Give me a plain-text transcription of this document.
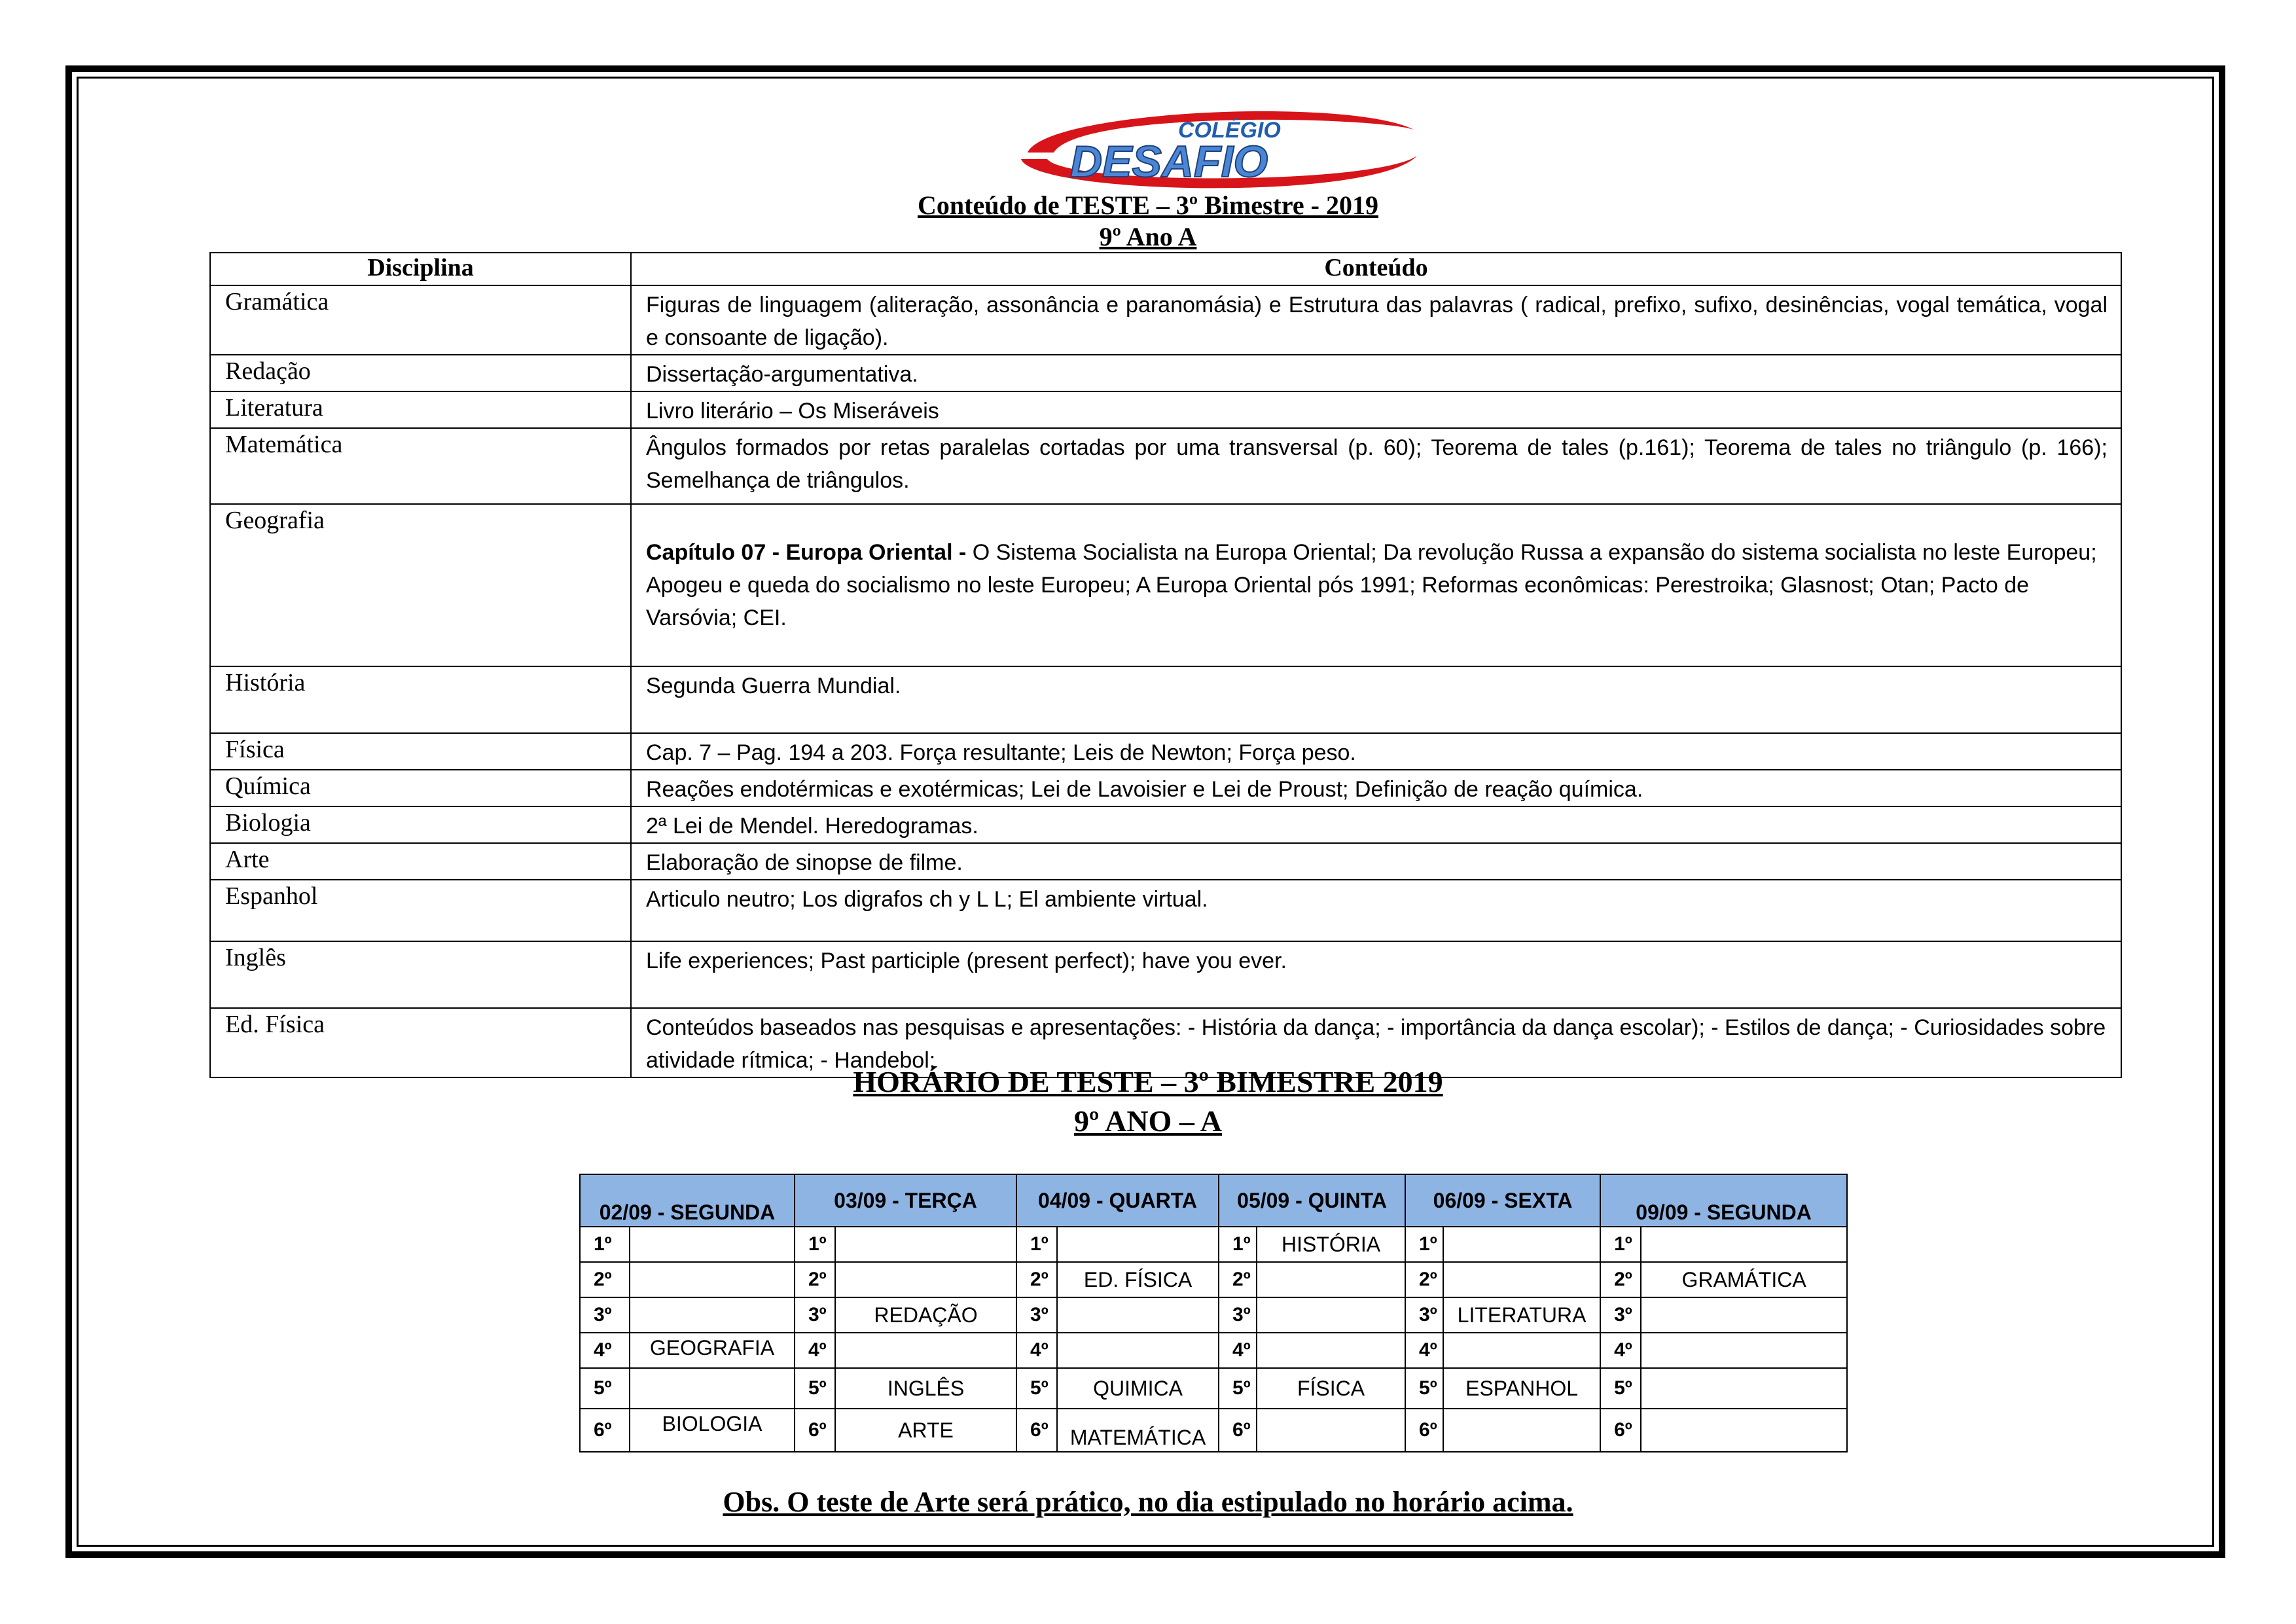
COLÉGIO
DESAFIO
Conteúdo de TESTE – 3º Bimestre - 2019
9º Ano A
Disciplina	Conteúdo
Gramática	Figuras de linguagem (aliteração, assonância e paranomásia) e Estrutura das palavras ( radical, prefixo, sufixo, desinências, vogal temática, vogal e consoante de ligação).
Redação	Dissertação-argumentativa.
Literatura	Livro literário – Os Miseráveis
Matemática	Ângulos formados por retas paralelas cortadas por uma transversal (p. 60); Teorema de tales (p.161); Teorema de tales no triângulo (p. 166); Semelhança de triângulos.
Geografia	Capítulo 07 - Europa Oriental - O Sistema Socialista na Europa Oriental; Da revolução Russa a expansão do sistema socialista no leste Europeu; Apogeu e queda do socialismo no leste Europeu; A Europa Oriental pós 1991; Reformas econômicas: Perestroika; Glasnost; Otan; Pacto de Varsóvia; CEI.
História	Segunda Guerra Mundial.
Física	Cap. 7 – Pag. 194 a 203. Força resultante; Leis de Newton; Força peso.
Química	Reações endotérmicas e exotérmicas; Lei de Lavoisier e Lei de Proust; Definição de reação química.
Biologia	2ª Lei de Mendel. Heredogramas.
Arte	Elaboração de sinopse de filme.
Espanhol	Articulo neutro; Los digrafos ch y L L; El ambiente virtual.
Inglês	Life experiences; Past participle (present perfect); have you ever.
Ed. Física	Conteúdos baseados nas pesquisas e apresentações: - História da dança; - importância da dança escolar); - Estilos de dança; - Curiosidades sobre atividade rítmica; - Handebol;
HORÁRIO DE TESTE – 3º BIMESTRE 2019
9º ANO – A
02/09 - SEGUNDA		03/09 - TERÇA		04/09 - QUARTA		05/09 - QUINTA		06/09 - SEXTA		09/09 - SEGUNDA	
1º		1º		1º		1º	HISTÓRIA	1º		1º	
2º		2º		2º	ED. FÍSICA	2º		2º		2º	GRAMÁTICA
3º		3º	REDAÇÃO	3º		3º		3º	LITERATURA	3º	
4º	GEOGRAFIA	4º		4º		4º		4º		4º	
5º		5º	INGLÊS	5º	QUIMICA	5º	FÍSICA	5º	ESPANHOL	5º	
6º	BIOLOGIA	6º	ARTE	6º	MATEMÁTICA	6º		6º		6º	
Obs. O teste de Arte será prático, no dia estipulado no horário acima.
